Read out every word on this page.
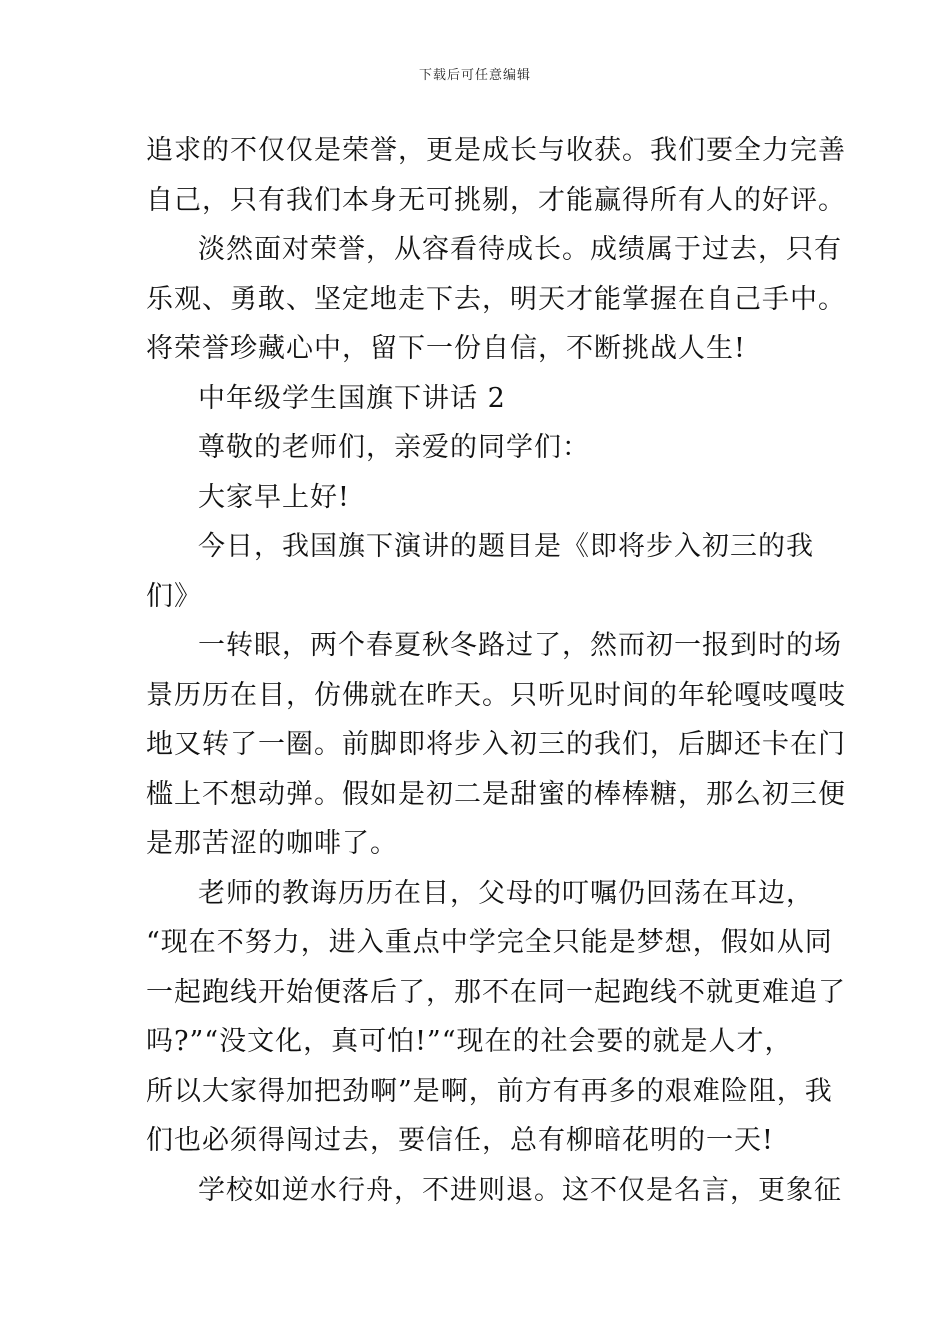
下载后可任意编辑
追求的不仅仅是荣誉，更是成长与收获。我们要全力完善
自己，只有我们本身无可挑剔，才能赢得所有人的好评。
淡然面对荣誉，从容看待成长。成绩属于过去，只有
乐观、勇敢、坚定地走下去，明天才能掌握在自己手中。
将荣誉珍藏心中，留下一份自信，不断挑战人生!
中年级学生国旗下讲话 2
尊敬的老师们，亲爱的同学们：
大家早上好!
今日，我国旗下演讲的题目是《即将步入初三的我
们》
一转眼，两个春夏秋冬路过了，然而初一报到时的场
景历历在目，仿佛就在昨天。只听见时间的年轮嘎吱嘎吱
地又转了一圈。前脚即将步入初三的我们，后脚还卡在门
槛上不想动弹。假如是初二是甜蜜的棒棒糖，那么初三便
是那苦涩的咖啡了。
老师的教诲历历在目，父母的叮嘱仍回荡在耳边，
“现在不努力，进入重点中学完全只能是梦想，假如从同
一起跑线开始便落后了，那不在同一起跑线不就更难追了
吗?”“没文化，真可怕!”“现在的社会要的就是人才，
所以大家得加把劲啊”是啊，前方有再多的艰难险阻，我
们也必须得闯过去，要信任，总有柳暗花明的一天!
学校如逆水行舟，不进则退。这不仅是名言，更象征
